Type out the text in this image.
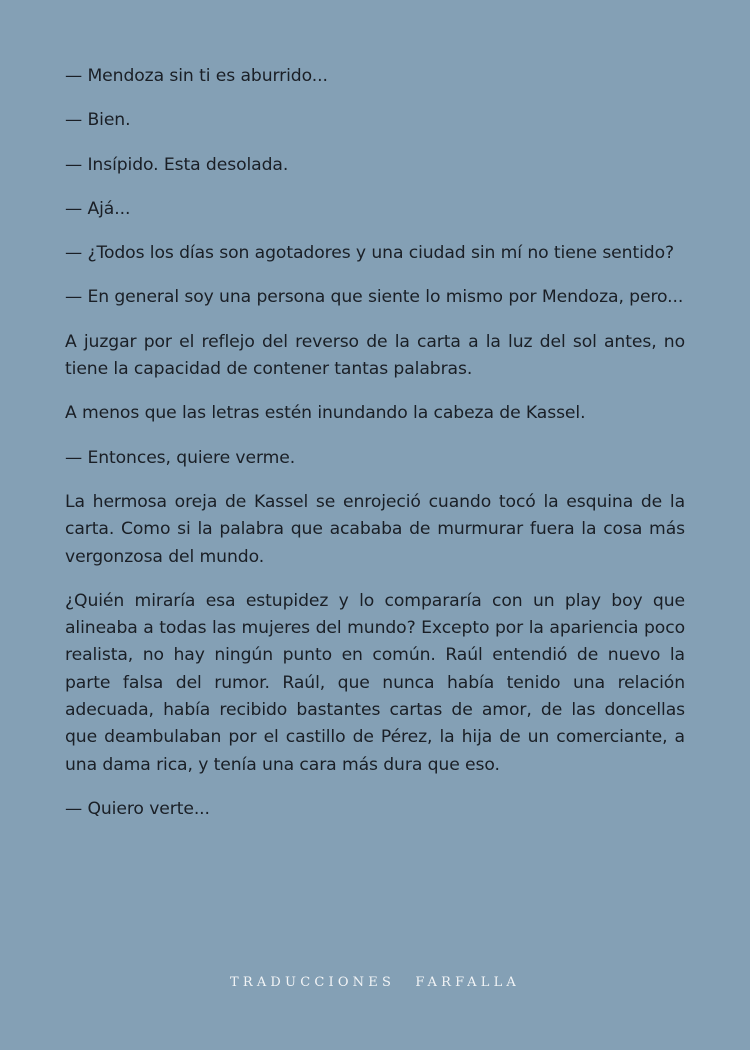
— Mendoza sin ti es aburrido...

— Bien.

— Insípido. Esta desolada.

— Ajá...

— ¿Todos los días son agotadores y una ciudad sin mí no tiene sentido?

— En general soy una persona que siente lo mismo por Mendoza, pero...

A juzgar por el reflejo del reverso de la carta a la luz del sol antes, no tiene la capacidad de contener tantas palabras.

A menos que las letras estén inundando la cabeza de Kassel.

— Entonces, quiere verme.

La hermosa oreja de Kassel se enrojeció cuando tocó la esquina de la carta. Como si la palabra que acababa de murmurar fuera la cosa más vergonzosa del mundo.

¿Quién miraría esa estupidez y lo compararía con un play boy que alineaba a todas las mujeres del mundo? Excepto por la apariencia poco realista, no hay ningún punto en común. Raúl entendió de nuevo la parte falsa del rumor. Raúl, que nunca había tenido una relación adecuada, había recibido bastantes cartas de amor, de las doncellas que deambulaban por el castillo de Pérez, la hija de un comerciante, a una dama rica, y tenía una cara más dura que eso.

— Quiero verte...

TRADUCCIONES FARFALLA
